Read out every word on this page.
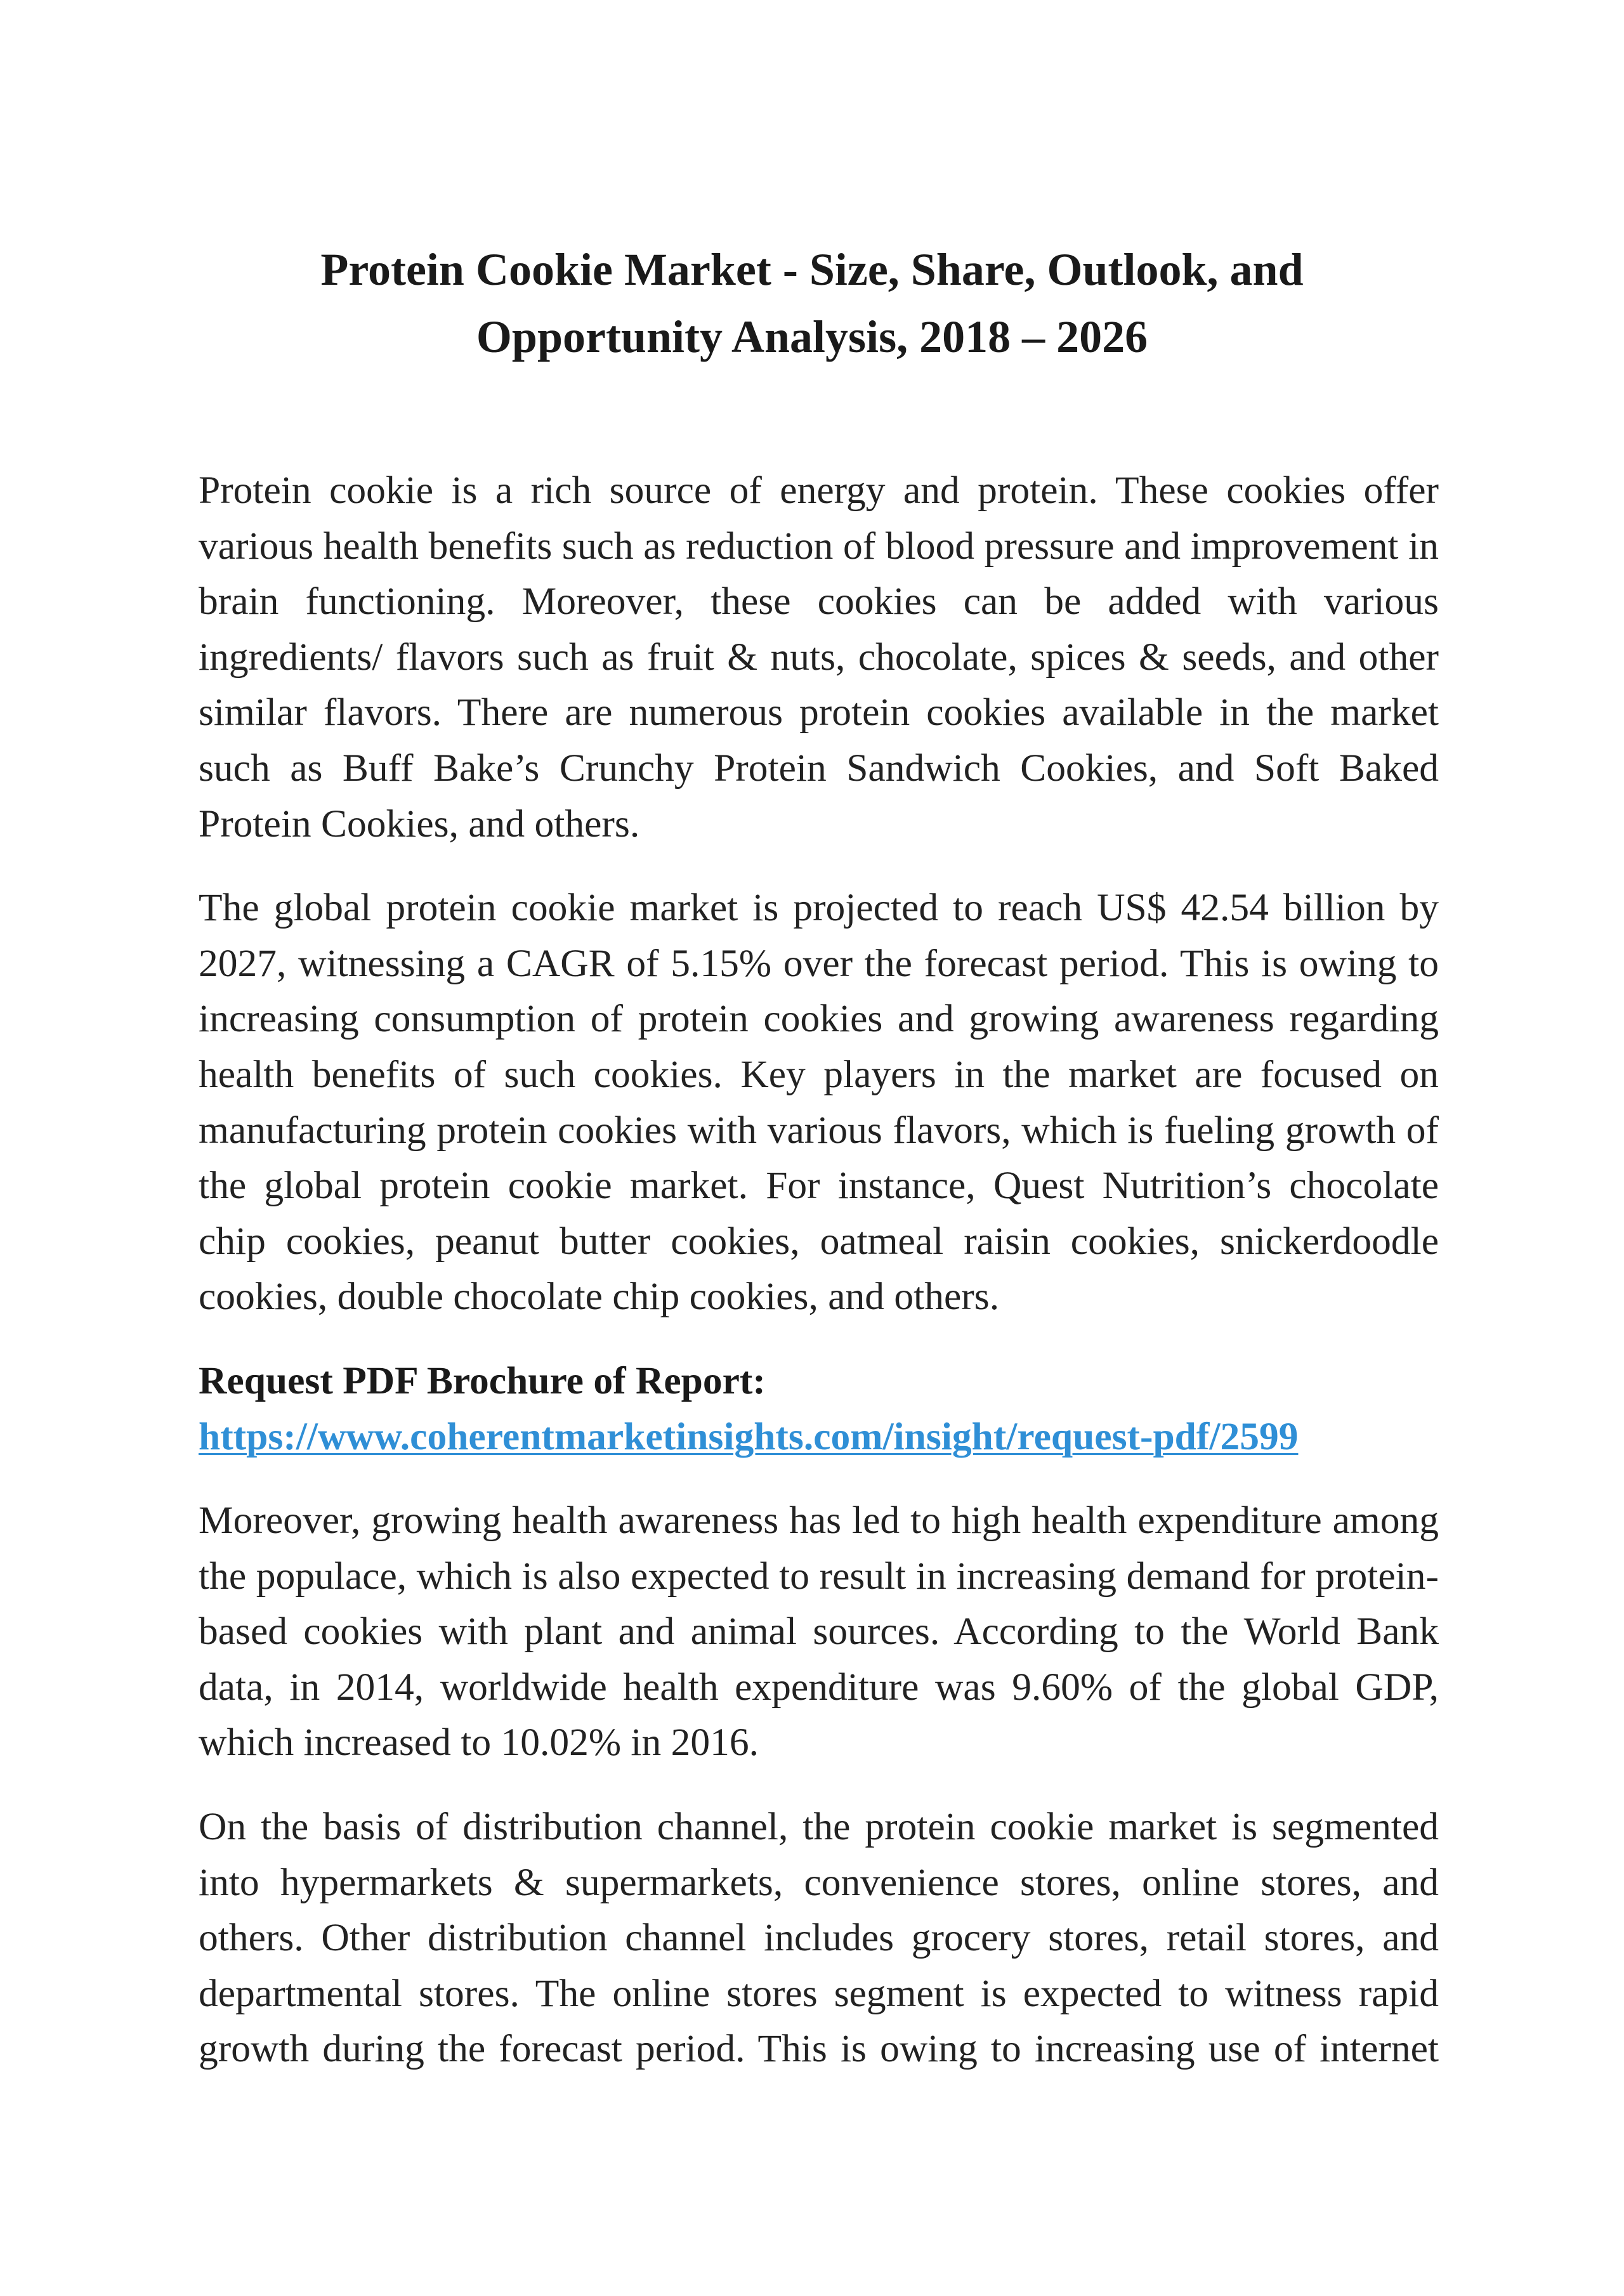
Protein Cookie Market - Size, Share, Outlook, and
Opportunity Analysis, 2018 – 2026

Protein cookie is a rich source of energy and protein. These cookies offer various health benefits such as reduction of blood pressure and improvement in brain functioning. Moreover, these cookies can be added with various ingredients/ flavors such as fruit & nuts, chocolate, spices & seeds, and other similar flavors. There are numerous protein cookies available in the market such as Buff Bake’s Crunchy Protein Sandwich Cookies, and Soft Baked Protein Cookies, and others.

The global protein cookie market is projected to reach US$ 42.54 billion by 2027, witnessing a CAGR of 5.15% over the forecast period. This is owing to increasing consumption of protein cookies and growing awareness regarding health benefits of such cookies. Key players in the market are focused on manufacturing protein cookies with various flavors, which is fueling growth of the global protein cookie market. For instance, Quest Nutrition’s chocolate chip cookies, peanut butter cookies, oatmeal raisin cookies, snickerdoodle cookies, double chocolate chip cookies, and others.

Request PDF Brochure of Report:

https://www.coherentmarketinsights.com/insight/request-pdf/2599

Moreover, growing health awareness has led to high health expenditure among the populace, which is also expected to result in increasing demand for protein-based cookies with plant and animal sources. According to the World Bank data, in 2014, worldwide health expenditure was 9.60% of the global GDP, which increased to 10.02% in 2016.

On the basis of distribution channel, the protein cookie market is segmented into hypermarkets & supermarkets, convenience stores, online stores, and others. Other distribution channel includes grocery stores, retail stores, and departmental stores. The online stores segment is expected to witness rapid growth during the forecast period. This is owing to increasing use of internet
